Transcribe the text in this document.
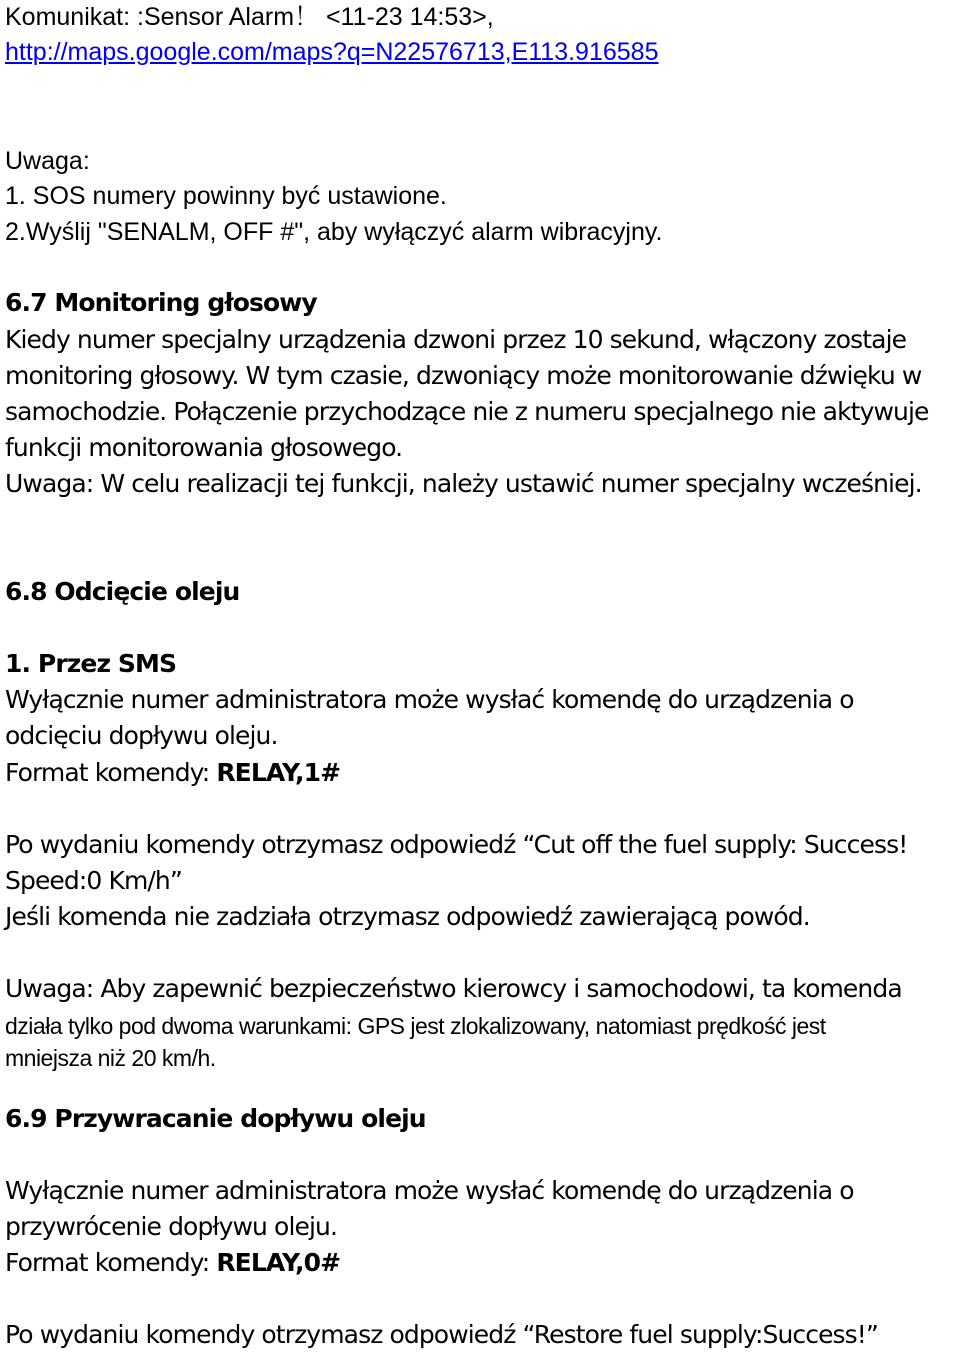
Komunikat: :Sensor Alarm！ <11-23 14:53>,
http://maps.google.com/maps?q=N22576713,E113.916585
Uwaga:
1. SOS numery powinny być ustawione.
2.Wyślij "SENALM, OFF #", aby wyłączyć alarm wibracyjny.
6.7 Monitoring głosowy
Kiedy numer specjalny urządzenia dzwoni przez 10 sekund, włączony zostaje
monitoring głosowy. W tym czasie, dzwoniący może monitorowanie dźwięku w
samochodzie. Połączenie przychodzące nie z numeru specjalnego nie aktywuje
funkcji monitorowania głosowego.
Uwaga: W celu realizacji tej funkcji, należy ustawić numer specjalny wcześniej.
6.8 Odcięcie oleju
1. Przez SMS
Wyłącznie numer administratora może wysłać komendę do urządzenia o
odcięciu dopływu oleju.
Format komendy: RELAY,1#
Po wydaniu komendy otrzymasz odpowiedź “Cut off the fuel supply: Success!
Speed:0 Km/h”
Jeśli komenda nie zadziała otrzymasz odpowiedź zawierającą powód.
Uwaga: Aby zapewnić bezpieczeństwo kierowcy i samochodowi, ta komenda
działa tylko pod dwoma warunkami: GPS jest zlokalizowany, natomiast prędkość jest
mniejsza niż 20 km/h.
6.9 Przywracanie dopływu oleju
Wyłącznie numer administratora może wysłać komendę do urządzenia o
przywrócenie dopływu oleju.
Format komendy: RELAY,0#
Po wydaniu komendy otrzymasz odpowiedź “Restore fuel supply:Success!”
